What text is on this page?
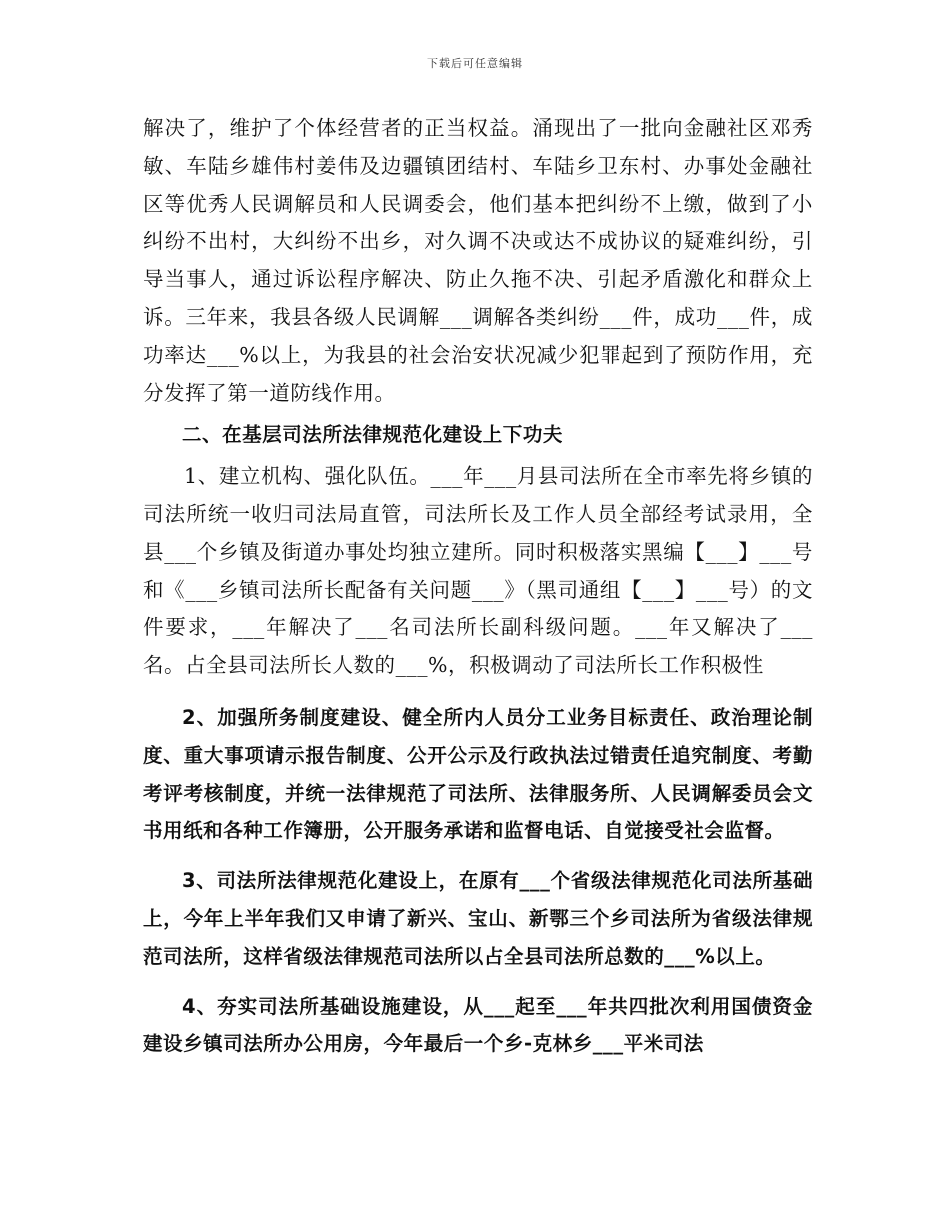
下载后可任意编辑

解决了，维护了个体经营者的正当权益。涌现出了一批向金融社区邓秀敏、车陆乡雄伟村姜伟及边疆镇团结村、车陆乡卫东村、办事处金融社区等优秀人民调解员和人民调委会，他们基本把纠纷不上缴，做到了小纠纷不出村，大纠纷不出乡，对久调不决或达不成协议的疑难纠纷，引导当事人，通过诉讼程序解决、防止久拖不决、引起矛盾激化和群众上诉。三年来，我县各级人民调解___调解各类纠纷___件，成功___件，成功率达___%以上，为我县的社会治安状况减少犯罪起到了预防作用，充分发挥了第一道防线作用。

二、在基层司法所法律规范化建设上下功夫

1、建立机构、强化队伍。___年___月县司法所在全市率先将乡镇的司法所统一收归司法局直管，司法所长及工作人员全部经考试录用，全县___个乡镇及街道办事处均独立建所。同时积极落实黑编【___】___号和《___乡镇司法所长配备有关问题___》（黑司通组【___】___号）的文件要求，___年解决了___名司法所长副科级问题。___年又解决了___名。占全县司法所长人数的___%，积极调动了司法所长工作积极性

2、加强所务制度建设、健全所内人员分工业务目标责任、政治理论制度、重大事项请示报告制度、公开公示及行政执法过错责任追究制度、考勤考评考核制度，并统一法律规范了司法所、法律服务所、人民调解委员会文书用纸和各种工作簿册，公开服务承诺和监督电话、自觉接受社会监督。

3、司法所法律规范化建设上，在原有___个省级法律规范化司法所基础上，今年上半年我们又申请了新兴、宝山、新鄂三个乡司法所为省级法律规范司法所，这样省级法律规范司法所以占全县司法所总数的___%以上。

4、夯实司法所基础设施建设，从___起至___年共四批次利用国债资金建设乡镇司法所办公用房，今年最后一个乡-克林乡___平米司法
